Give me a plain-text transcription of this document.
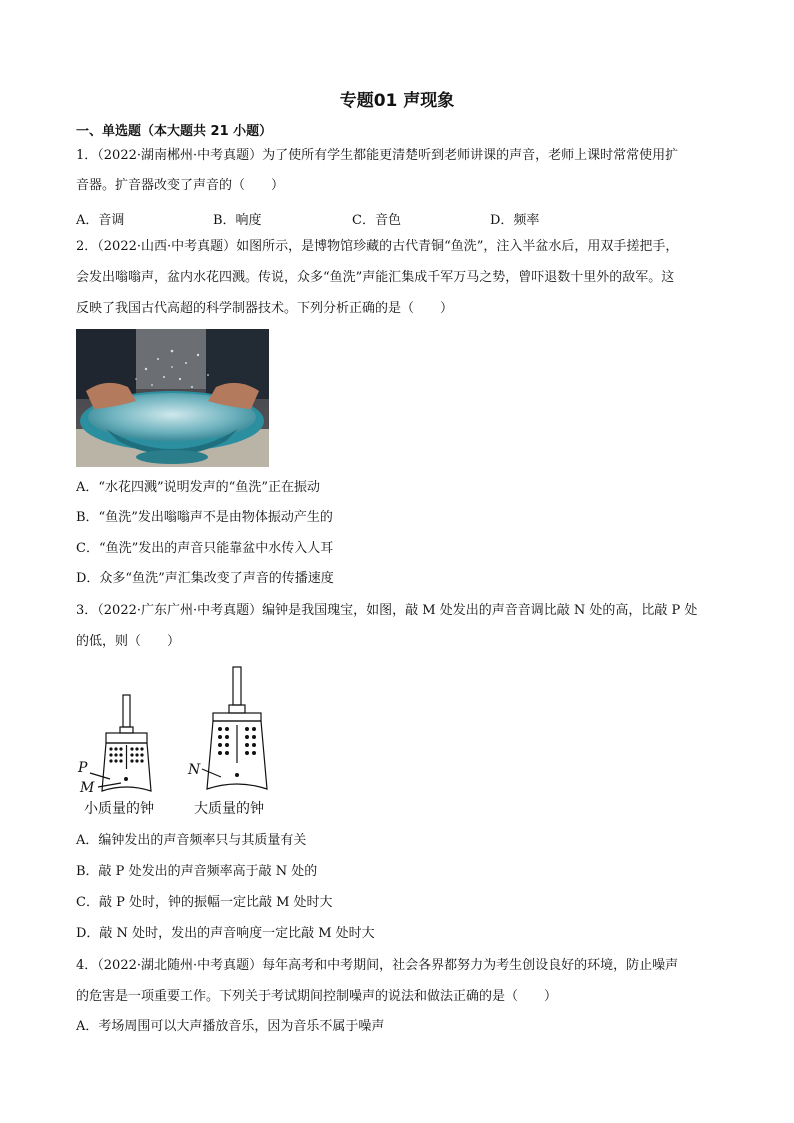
专题01 声现象
一、单选题（本大题共 21 小题）
1．（2022·湖南郴州·中考真题）为了使所有学生都能更清楚听到老师讲课的声音，老师上课时常常使用扩
音器。扩音器改变了声音的（　　）
A．音调	B．响度	C．音色	D．频率
2．（2022·山西·中考真题）如图所示，是博物馆珍藏的古代青铜“鱼洗”，注入半盆水后，用双手搓把手，
会发出嗡嗡声，盆内水花四溅。传说，众多“鱼洗”声能汇集成千军万马之势，曾吓退数十里外的敌军。这
反映了我国古代高超的科学制器技术。下列分析正确的是（　　）
A．“水花四溅”说明发声的“鱼洗”正在振动
B．“鱼洗”发出嗡嗡声不是由物体振动产生的
C．“鱼洗”发出的声音只能靠盆中水传入人耳
D．众多“鱼洗”声汇集改变了声音的传播速度
3．（2022·广东广州·中考真题）编钟是我国瑰宝，如图，敲 M 处发出的声音音调比敲 N 处的高，比敲 P 处
的低，则（　　）
P
M
N
小质量的钟	大质量的钟
A．编钟发出的声音频率只与其质量有关
B．敲 P 处发出的声音频率高于敲 N 处的
C．敲 P 处时，钟的振幅一定比敲 M 处时大
D．敲 N 处时，发出的声音响度一定比敲 M 处时大
4．（2022·湖北随州·中考真题）每年高考和中考期间，社会各界都努力为考生创设良好的环境，防止噪声
的危害是一项重要工作。下列关于考试期间控制噪声的说法和做法正确的是（　　）
A．考场周围可以大声播放音乐，因为音乐不属于噪声
